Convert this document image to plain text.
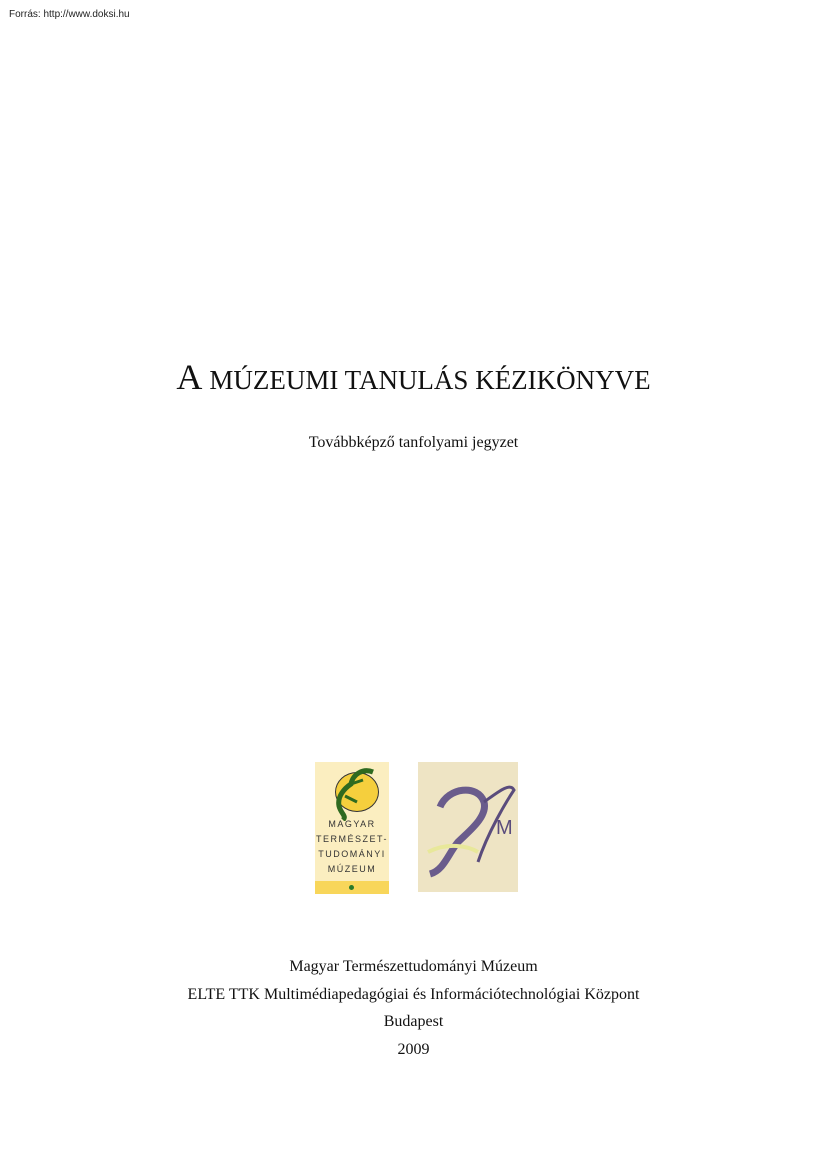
Forrás: http://www.doksi.hu
A MÚZEUMI TANULÁS KÉZIKÖNYVE
Továbbképző tanfolyami jegyzet
MAGYAR
TERMÉSZET-
TUDOMÁNYI
MÚZEUM
M
Magyar Természettudományi Múzeum
ELTE TTK Multimédiapedagógiai és Információtechnológiai Központ
Budapest
2009
